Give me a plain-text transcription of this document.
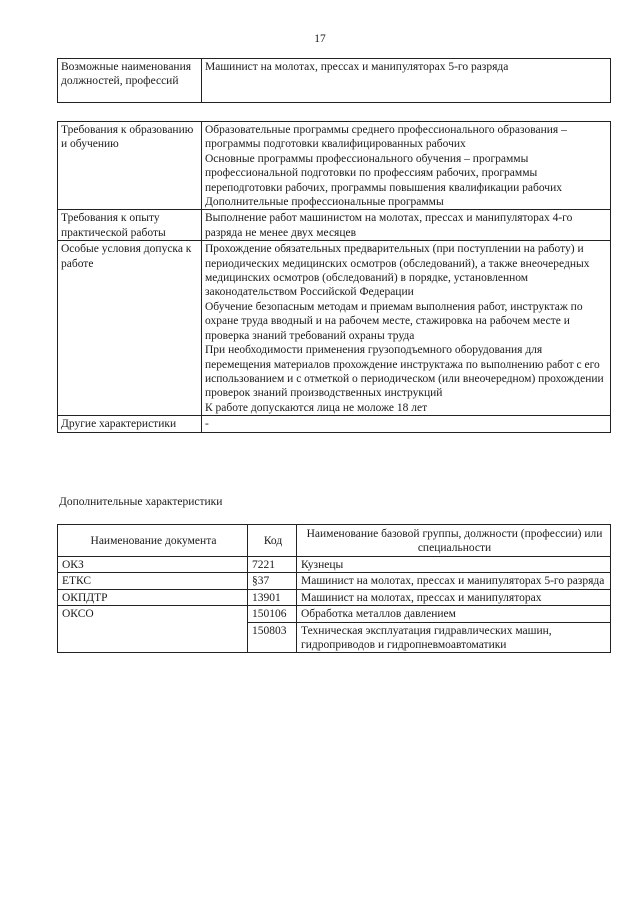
17
Возможные наименования должностей, профессий	Машинист на молотах, прессах и манипуляторах 5-го разряда
Требования к образованию и обучению	Образовательные программы среднего профессионального образования – программы подготовки квалифицированных рабочих
Основные программы профессионального обучения – программы профессиональной подготовки по профессиям рабочих, программы переподготовки рабочих, программы повышения квалификации рабочих
Дополнительные профессиональные программы

Требования к опыту практической работы	Выполнение работ машинистом на молотах, прессах и манипуляторах 4-го разряда не менее двух месяцев

Особые условия допуска к работе	Прохождение обязательных предварительных (при поступлении на работу) и периодических медицинских осмотров (обследований), а также внеочередных медицинских осмотров (обследований) в порядке, установленном законодательством Российской Федерации
Обучение безопасным методам и приемам выполнения работ, инструктаж по охране труда вводный и на рабочем месте, стажировка на рабочем месте и проверка знаний требований охраны труда
При необходимости применения грузоподъемного оборудования для перемещения материалов прохождение инструктажа по выполнению работ с его использованием и с отметкой о периодическом (или внеочередном) прохождении проверок знаний производственных инструкций
К работе допускаются лица не моложе 18 лет

Другие характеристики	-
Дополнительные характеристики
Наименование документа	Код	Наименование базовой группы, должности (профессии) или специальности
ОКЗ	7221	Кузнецы
ЕТКС	§37	Машинист на молотах, прессах и манипуляторах 5-го разряда
ОКПДТР	13901	Машинист на молотах, прессах и манипуляторах
ОКСО	150106	Обработка металлов давлением
	150803	Техническая эксплуатация гидравлических машин, гидроприводов и гидропневмоавтоматики
